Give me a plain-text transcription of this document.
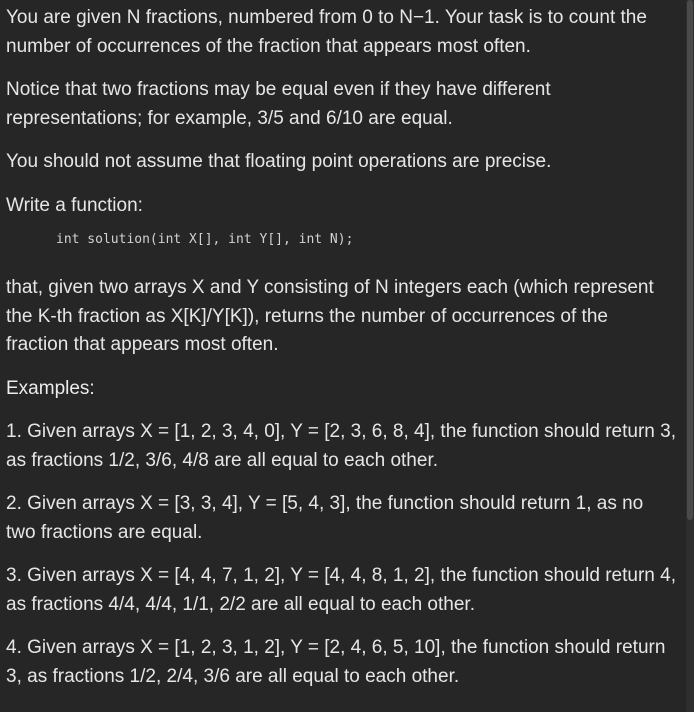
You are given N fractions, numbered from 0 to N−1. Your task is to count the
number of occurrences of the fraction that appears most often.

Notice that two fractions may be equal even if they have different
representations; for example, 3/5 and 6/10 are equal.

You should not assume that floating point operations are precise.

Write a function:

int solution(int X[], int Y[], int N);

that, given two arrays X and Y consisting of N integers each (which represent
the K-th fraction as X[K]/Y[K]), returns the number of occurrences of the
fraction that appears most often.

Examples:

1. Given arrays X = [1, 2, 3, 4, 0], Y = [2, 3, 6, 8, 4], the function should return 3,
as fractions 1/2, 3/6, 4/8 are all equal to each other.

2. Given arrays X = [3, 3, 4], Y = [5, 4, 3], the function should return 1, as no
two fractions are equal.

3. Given arrays X = [4, 4, 7, 1, 2], Y = [4, 4, 8, 1, 2], the function should return 4,
as fractions 4/4, 4/4, 1/1, 2/2 are all equal to each other.

4. Given arrays X = [1, 2, 3, 1, 2], Y = [2, 4, 6, 5, 10], the function should return
3, as fractions 1/2, 2/4, 3/6 are all equal to each other.
